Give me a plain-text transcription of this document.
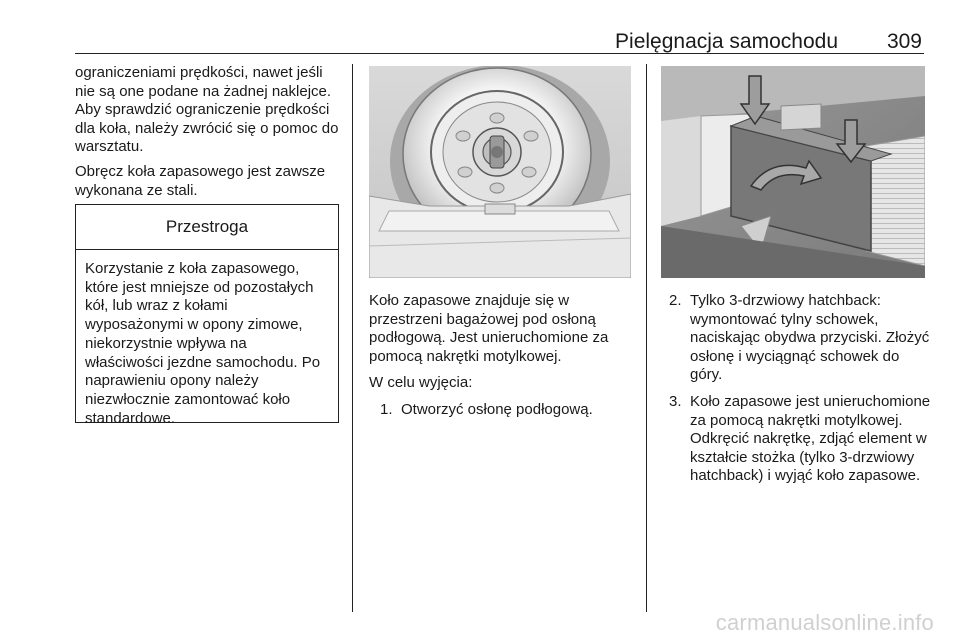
Pielęgnacja samochodu 309

ograniczeniami prędkości, nawet jeśli nie są one podane na żadnej naklejce. Aby sprawdzić ograniczenie prędkości dla koła, należy zwrócić się o pomoc do warsztatu.

Obręcz koła zapasowego jest zawsze wykonana ze stali.

Przestroga
Korzystanie z koła zapasowego, które jest mniejsze od pozostałych kół, lub wraz z kołami wyposażonymi w opony zimowe, niekorzystnie wpływa na właściwości jezdne samochodu. Po naprawieniu opony należy niezwłocznie zamontować koło standardowe.

Koło zapasowe znajduje się w przestrzeni bagażowej pod osłoną podłogową. Jest unieruchomione za pomocą nakrętki motylkowej.

W celu wyjęcia:

1. Otworzyć osłonę podłogową.
2. Tylko 3-drzwiowy hatchback: wymontować tylny schowek, naciskając obydwa przyciski. Złożyć osłonę i wyciągnąć schowek do góry.
3. Koło zapasowe jest unieruchomione za pomocą nakrętki motylkowej. Odkręcić nakrętkę, zdjąć element w kształcie stożka (tylko 3-drzwiowy hatchback) i wyjąć koło zapasowe.
carmanualsonline.info
